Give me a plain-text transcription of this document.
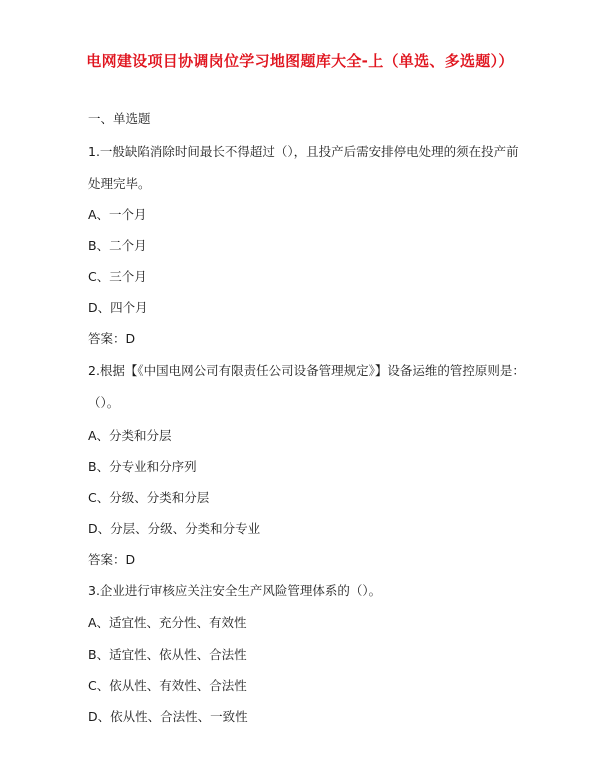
电网建设项目协调岗位学习地图题库大全-上（单选、多选题））
一、单选题
1.一般缺陷消除时间最长不得超过（），且投产后需安排停电处理的须在投产前
处理完毕。
A、一个月
B、二个月
C、三个月
D、四个月
答案：D
2.根据【《中国电网公司有限责任公司设备管理规定》】设备运维的管控原则是：
（）。
A、分类和分层
B、分专业和分序列
C、分级、分类和分层
D、分层、分级、分类和分专业
答案：D
3.企业进行审核应关注安全生产风险管理体系的（）。
A、适宜性、充分性、有效性
B、适宜性、依从性、合法性
C、依从性、有效性、合法性
D、依从性、合法性、一致性
